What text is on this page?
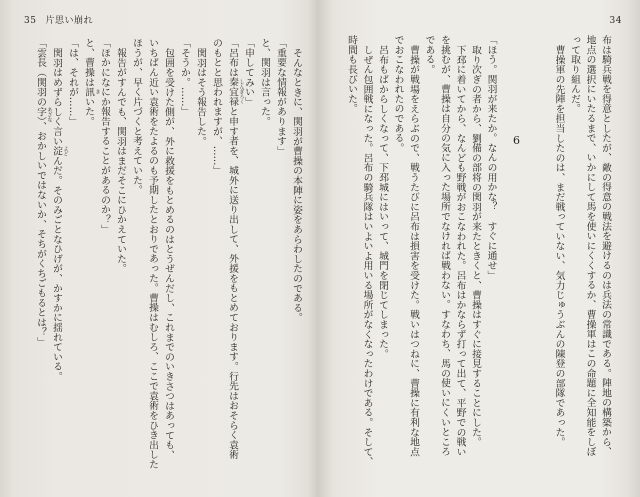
35 片思い崩れ
そんなときに、関羽が曹操の本陣に姿をあらわしたのである。
「重要な情報があります」
と、関羽は言った。
「申してみい」
「呂布は秦宜禄 しんぎろく
と申す者を、城外に送り出して、外援をもとめております。行先はおそらく袁術
のもとと思われますが、……」
関羽はそう報告した。
「そうか。……」
包囲を受けた側が、外に救援をもとめるのはとうぜんだし、これまでのいきさつはあっても、
いちばん近い袁術をたよるのも予期したとおりであった。曹操はむしろ、ここで袁術をひき出した
ほうが、早く片づくと考えていた。
報告がすんでも、関羽はまだそこにひかえていた。
「ほかになにか報告することがあるのか？」
と、曹操は訊 き
いた。
「は、それが……」
関羽はめずらしく言い淀 よど
んだ。そのみごとなひげが、かすかに揺れている。
「雲長（関羽の字 あざな
）、おかしいではないか、そちがくちごもるとは？」
34
布は騎兵戦を得意としたが、敵の得意の戦法を避けるのは兵法の常識である。陣地の構築から、
地点の選択にいたるまで、いかにして馬を使いにくくするか、曹操軍はこの命題に全知能をしぼ
って取り組んだ。
曹操軍の先陣を担当したのは、まだ戦っていない、気力じゅうぶんの陳登の部隊であった。
6
「ほう。関羽が来たか。なんの用かな？　すぐに通せ」
取り次ぎの者から、劉備の部将の関羽が来たときくと、曹操はすぐに接見することにした。
下邳に着いてから、なんども野戦がおこなわれた。呂布はかならず打って出て、平野での戦い
を挑むが、曹操は自分の気に入った場所でなければ戦わない。すなわち、馬の使いにくいところ
である。
曹操が戦場をえらぶので、戦うたびに呂布は損害を受けた。戦いはつねに、曹操に有利な地点
でおこなわれたのである。
呂布もばからしくなって、下邳城にはいって、城門を閉じてしまった。
しぜん包囲戦になった。呂布の騎兵隊はいよいよ用いる場所がなくなったわけである。そして、
時間も長びいた。
